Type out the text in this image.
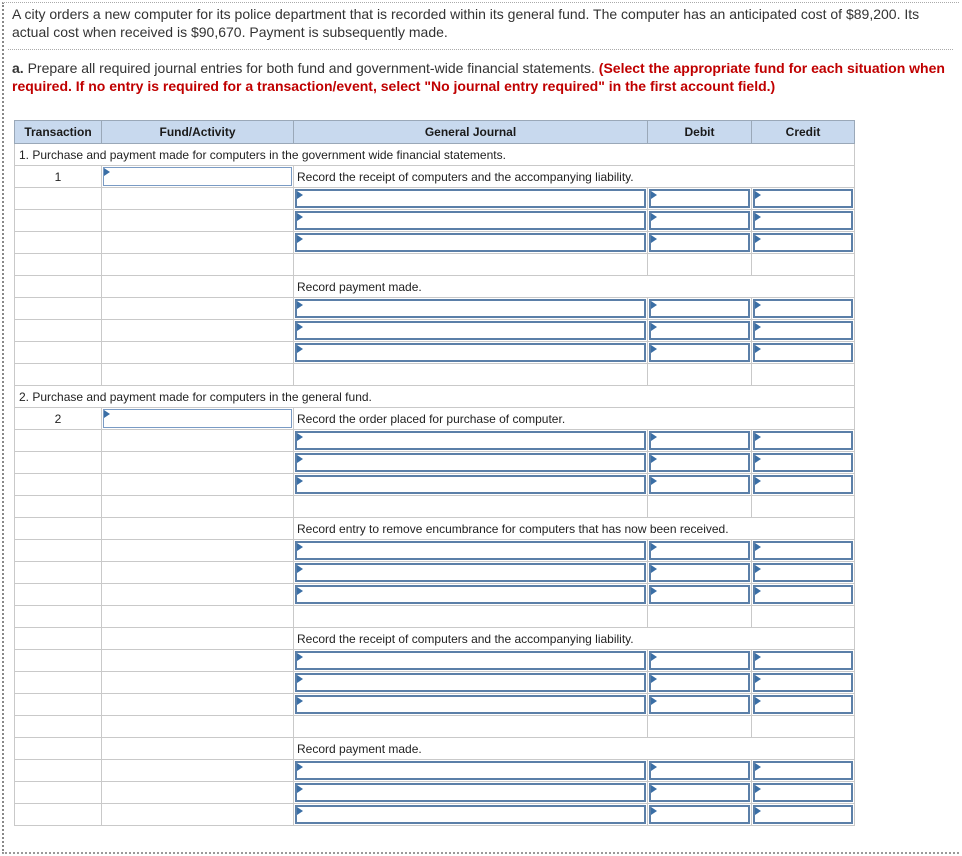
A city orders a new computer for its police department that is recorded within its general fund. The computer has an anticipated cost of $89,200. Its actual cost when received is $90,670. Payment is subsequently made.
a. Prepare all required journal entries for both fund and government-wide financial statements. (Select the appropriate fund for each situation when required. If no entry is required for a transaction/event, select "No journal entry required" in the first account field.)
Transaction	Fund/Activity	General Journal	Debit	Credit
1. Purchase and payment made for computers in the government wide financial statements.				
1		Record the receipt of computers and the accompanying liability.		

		Record payment made.		

2. Purchase and payment made for computers in the general fund.				
2		Record the order placed for purchase of computer.		

		Record entry to remove encumbrance for computers that has now been received.		

		Record the receipt of computers and the accompanying liability.		

		Record payment made.		
